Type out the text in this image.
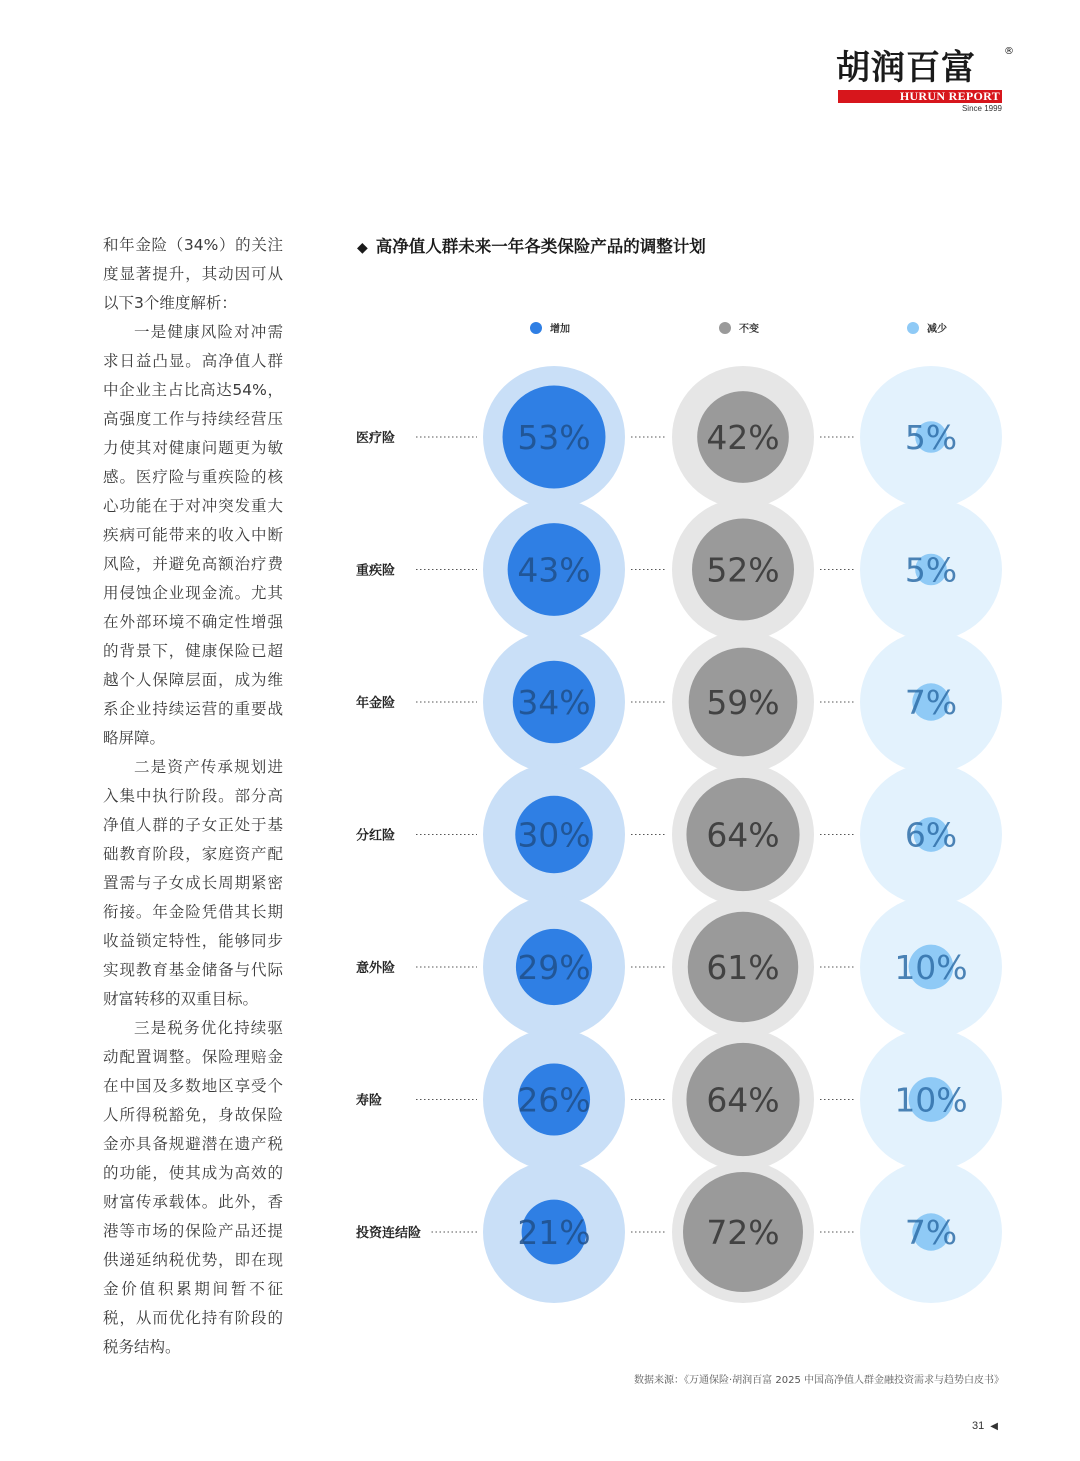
胡润百富	®
HURUN REPORT
Since 1999

和年金险（34%）的关注度显著提升，其动因可从以下3个维度解析：

一是健康风险对冲需求日益凸显。高净值人群中企业主占比高达54%，高强度工作与持续经营压力使其对健康问题更为敏感。医疗险与重疾险的核心功能在于对冲突发重大疾病可能带来的收入中断风险，并避免高额治疗费用侵蚀企业现金流。尤其在外部环境不确定性增强的背景下，健康保险已超越个人保障层面，成为维系企业持续运营的重要战略屏障。

二是资产传承规划进入集中执行阶段。部分高净值人群的子女正处于基础教育阶段，家庭资产配置需与子女成长周期紧密衔接。年金险凭借其长期收益锁定特性，能够同步实现教育基金储备与代际财富转移的双重目标。

三是税务优化持续驱动配置调整。保险理赔金在中国及多数地区享受个人所得税豁免，身故保险金亦具备规避潜在遗产税的功能，使其成为高效的财富传承载体。此外，香港等市场的保险产品还提供递延纳税优势，即在现金价值积累期间暂不征税，从而优化持有阶段的税务结构。

◆ 高净值人群未来一年各类保险产品的调整计划
增加	不变	减少
医疗险	53%	42%	5%
重疾险	43%	52%	5%
年金险	34%	59%	7%
分红险	30%	64%	6%
意外险	29%	61%	10%
寿险	26%	64%	10%
投资连结险	21%	72%	7%
数据来源：《万通保险·胡润百富 2025 中国高净值人群金融投资需求与趋势白皮书》
31 ◀
